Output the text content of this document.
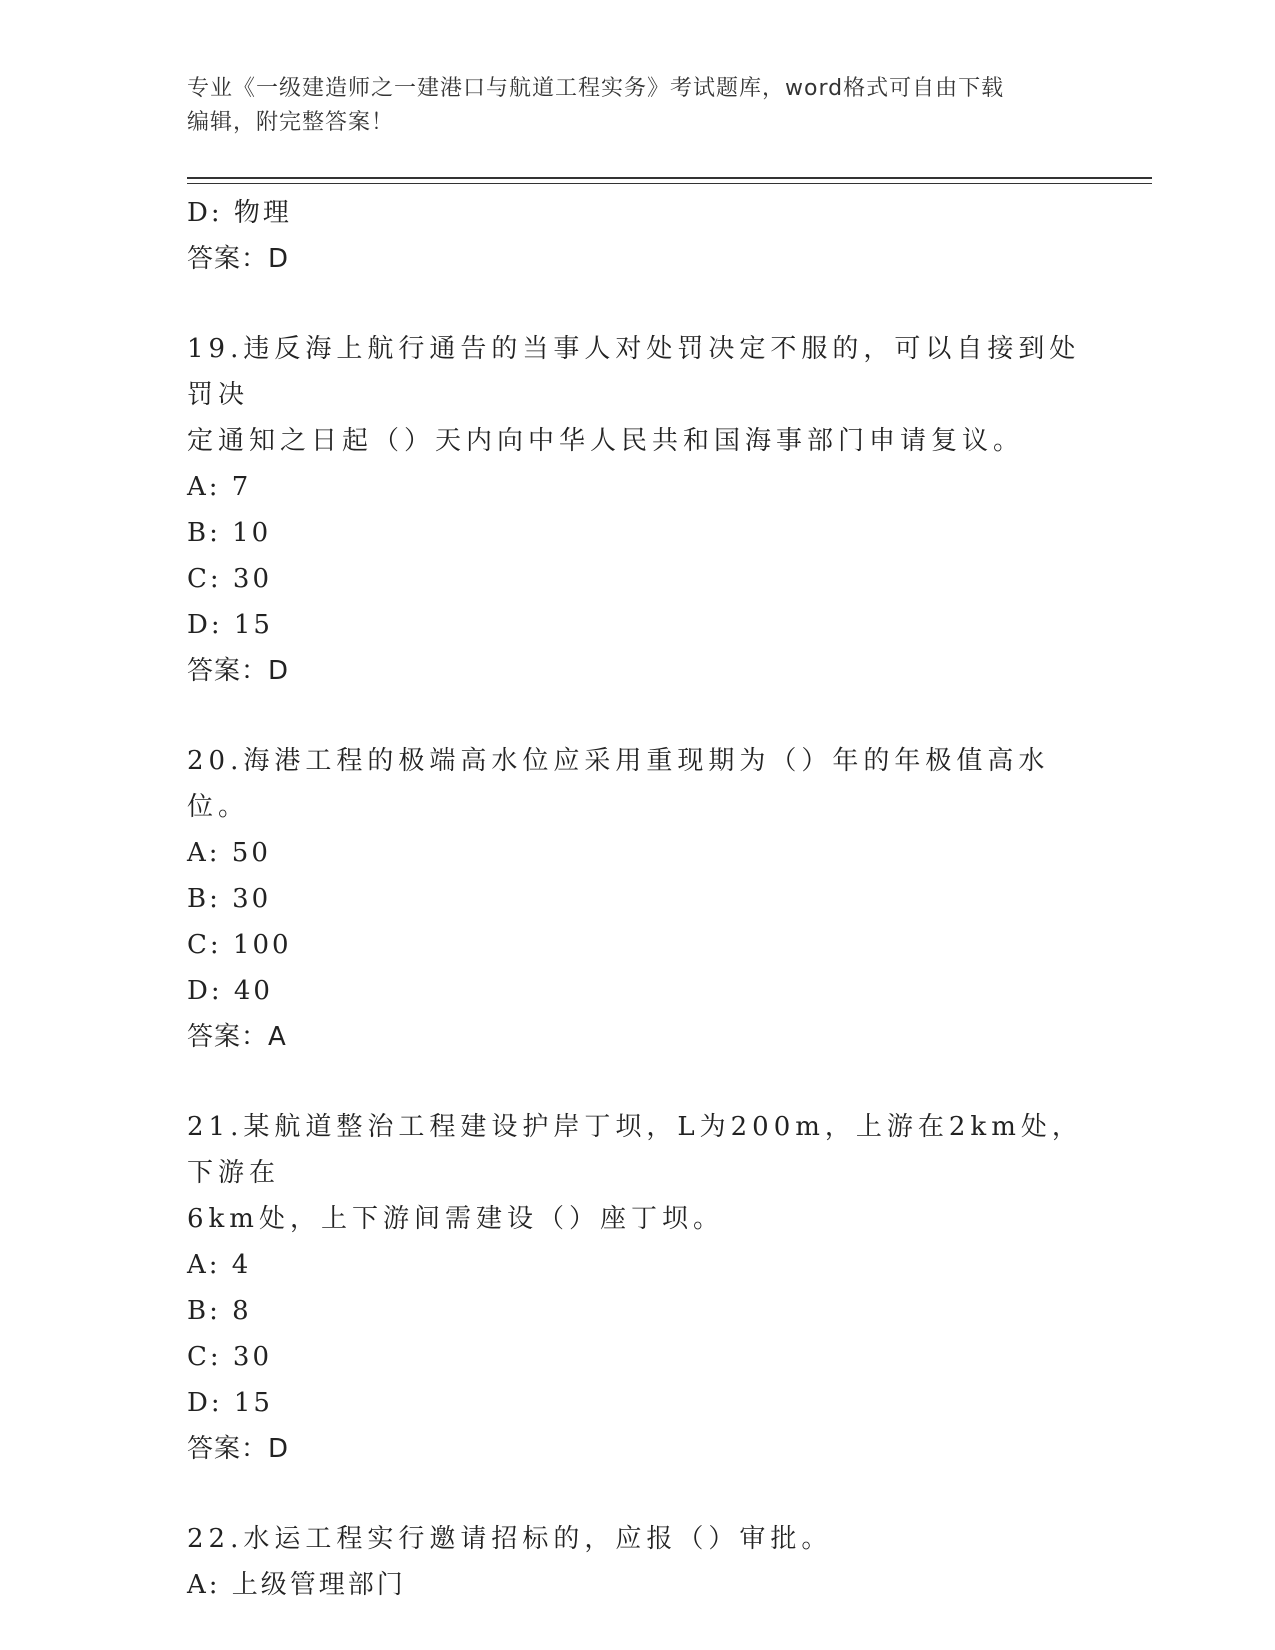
专业《一级建造师之一建港口与航道工程实务》考试题库，word格式可自由下载
编辑，附完整答案！
D: 物理
答案：D
19.违反海上航行通告的当事人对处罚决定不服的，可以自接到处罚决
定通知之日起（）天内向中华人民共和国海事部门申请复议。
A: 7
B: 10
C: 30
D: 15
答案：D
20.海港工程的极端高水位应采用重现期为（）年的年极值高水位。
A: 50
B: 30
C: 100
D: 40
答案：A
21.某航道整治工程建设护岸丁坝，L为200m，上游在2km处，下游在
6km处，上下游间需建设（）座丁坝。
A: 4
B: 8
C: 30
D: 15
答案：D
22.水运工程实行邀请招标的，应报（）审批。
A: 上级管理部门
